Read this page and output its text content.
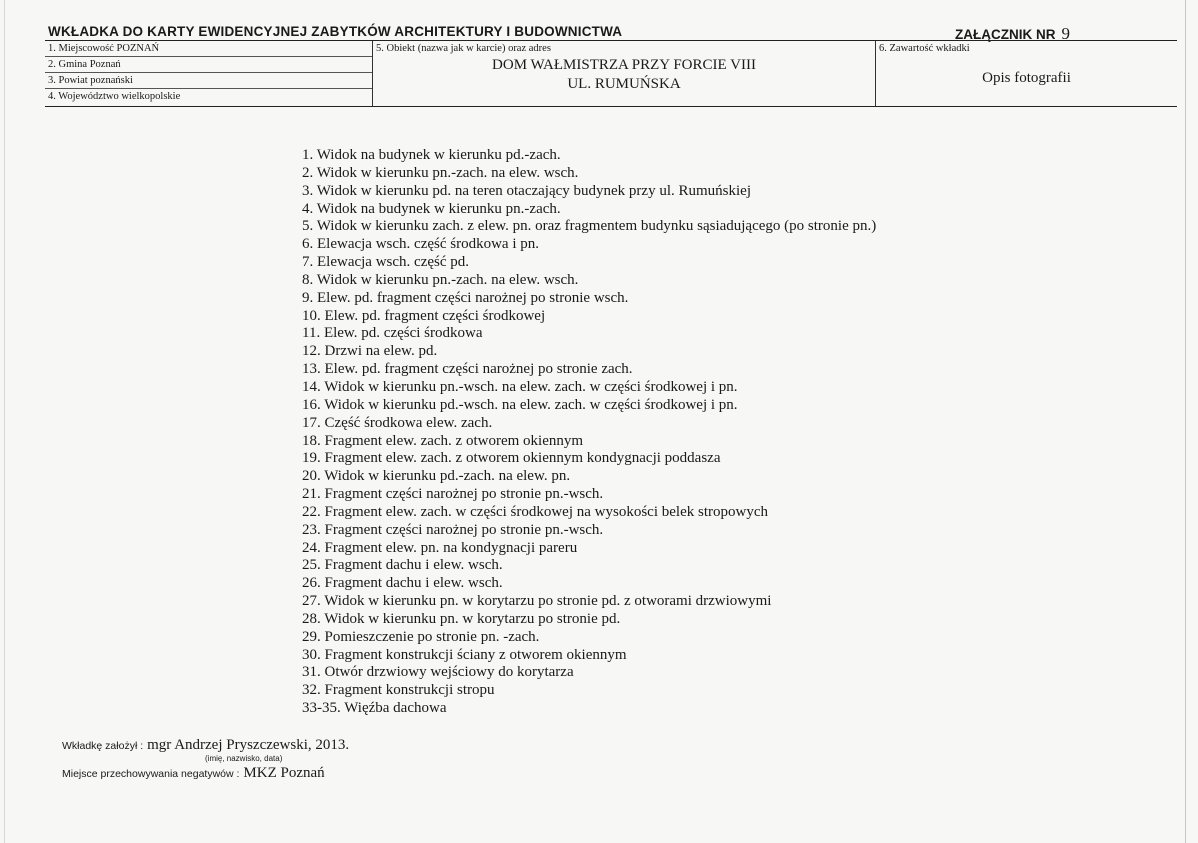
WKŁADKA DO KARTY EWIDENCYJNEJ ZABYTKÓW ARCHITEKTURY I BUDOWNICTWA	ZAŁĄCZNIK NR 9
1. Miejscowość POZNAŃ
2. Gmina Poznań
3. Powiat poznański
4. Województwo wielkopolskie
5. Obiekt (nazwa jak w karcie) oraz adres
DOM WAŁMISTRZA PRZY FORCIE VIII
UL. RUMUŃSKA
6. Zawartość wkładki
Opis fotografii
1. Widok na budynek w kierunku pd.-zach.
2. Widok w kierunku pn.-zach. na elew. wsch.
3. Widok w kierunku pd. na teren otaczający budynek przy ul. Rumuńskiej
4. Widok na budynek w kierunku pn.-zach.
5. Widok w kierunku zach. z elew. pn. oraz fragmentem budynku sąsiadującego (po stronie pn.)
6. Elewacja wsch. część środkowa i pn.
7. Elewacja wsch. część pd.
8. Widok w kierunku pn.-zach. na elew. wsch.
9. Elew. pd. fragment części narożnej po stronie wsch.
10. Elew. pd. fragment części środkowej
11. Elew. pd. części środkowa
12. Drzwi na elew. pd.
13. Elew. pd. fragment części narożnej po stronie zach.
14. Widok w kierunku pn.-wsch. na elew. zach. w części środkowej i pn.
16. Widok w kierunku pd.-wsch. na elew. zach. w części środkowej i pn.
17. Część środkowa elew. zach.
18. Fragment elew. zach. z otworem okiennym
19. Fragment elew. zach. z otworem okiennym kondygnacji poddasza
20. Widok w kierunku pd.-zach. na elew. pn.
21. Fragment części narożnej po stronie pn.-wsch.
22. Fragment elew. zach. w części środkowej na wysokości belek stropowych
23. Fragment części narożnej po stronie pn.-wsch.
24. Fragment elew. pn. na kondygnacji pareru
25. Fragment dachu i elew. wsch.
26. Fragment dachu i elew. wsch.
27. Widok w kierunku pn. w korytarzu po stronie pd. z otworami drzwiowymi
28. Widok w kierunku pn. w korytarzu po stronie pd.
29. Pomieszczenie po stronie pn. -zach.
30. Fragment konstrukcji ściany z otworem okiennym
31. Otwór drzwiowy wejściowy do korytarza
32. Fragment konstrukcji stropu
33-35. Więźba dachowa
Wkładkę założył : mgr Andrzej Pryszczewski, 2013.
(imię, nazwisko, data)
Miejsce przechowywania negatywów : MKZ Poznań
